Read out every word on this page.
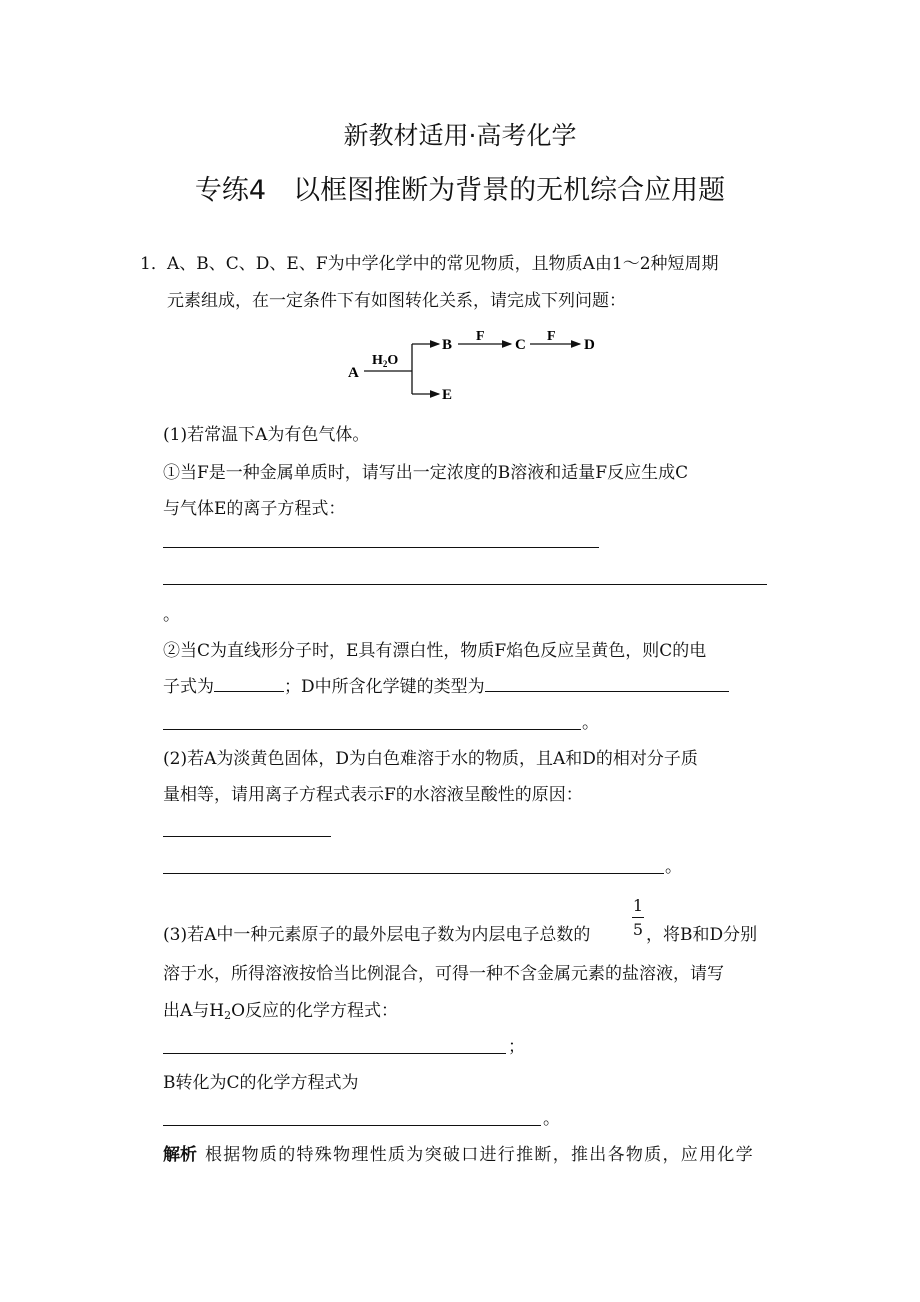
新教材适用·高考化学
专练4　以框图推断为背景的无机综合应用题
1． A、B、C、D、E、F为中学化学中的常见物质，且物质A由1～2种短周期
元素组成，在一定条件下有如图转化关系，请完成下列问题：
A
$H_2O$
B
F
C
F
D
E
(1)若常温下A为有色气体。
①当F是一种金属单质时，请写出一定浓度的B溶液和适量F反应生成C
与气体E的离子方程式：
。
②当C为直线形分子时，E具有漂白性，物质F焰色反应呈黄色，则C的电
子式为	；D中所含化学键的类型为
。
(2)若A为淡黄色固体，D为白色难溶于水的物质，且A和D的相对分子质
量相等，请用离子方程式表示F的水溶液呈酸性的原因：
。
1
5
(3)若A中一种元素原子的最外层电子数为内层电子总数的	，将B和D分别
溶于水，所得溶液按恰当比例混合，可得一种不含金属元素的盐溶液，请写
出A与$H_2O$反应的化学方程式：
；
B转化为C的化学方程式为
。
解析 根据物质的特殊物理性质为突破口进行推断，推出各物质，应用化学
